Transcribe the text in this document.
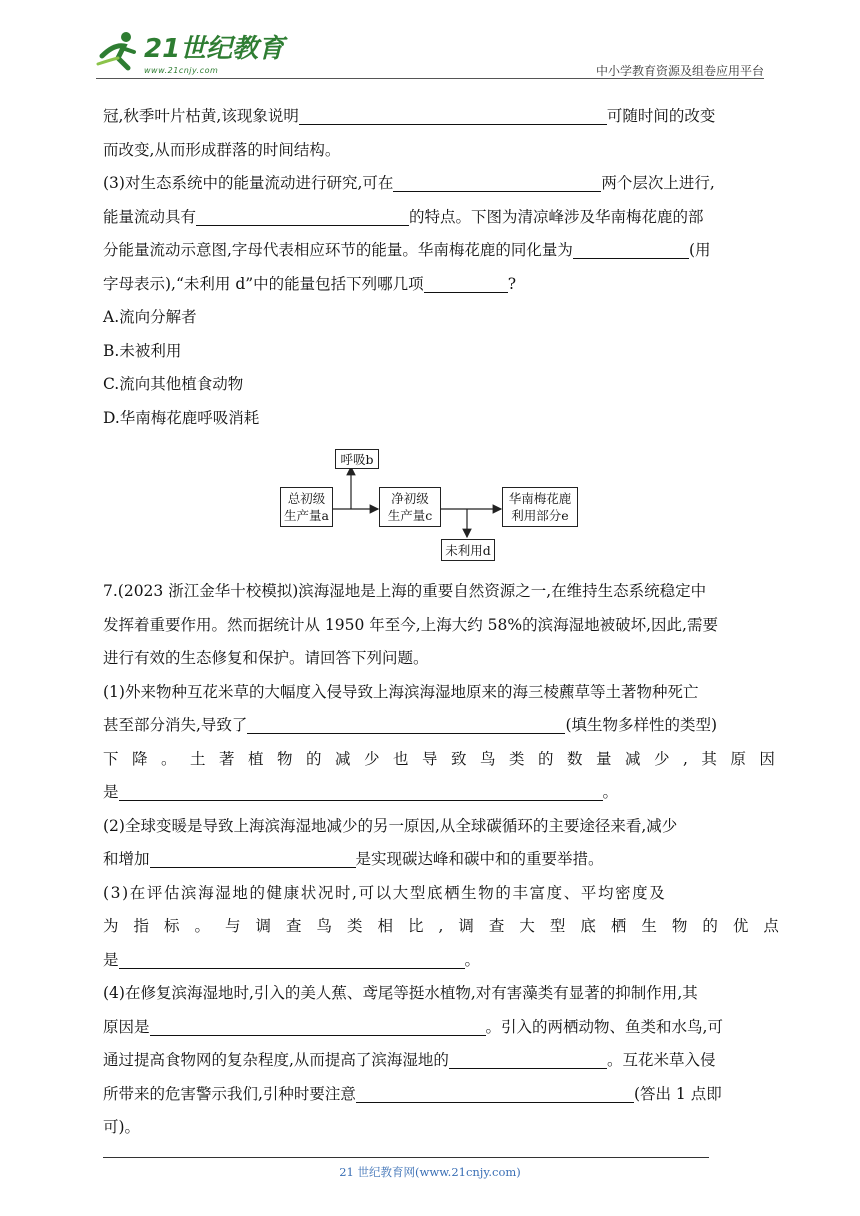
21世纪教育
www.21cnjy.com	中小学教育资源及组卷应用平台

冠,秋季叶片枯黄,该现象说明	可随时间的改变

而改变,从而形成群落的时间结构。

(3)对生态系统中的能量流动进行研究,可在	两个层次上进行,

能量流动具有	的特点。下图为清凉峰涉及华南梅花鹿的部

分能量流动示意图,字母代表相应环节的能量。华南梅花鹿的同化量为	(用

字母表示),“未利用 d”中的能量包括下列哪几项	?

A.流向分解者

B.未被利用

C.流向其他植食动物

D.华南梅花鹿呼吸消耗

呼吸b
总初级
生产量a
净初级
生产量c
华南梅花鹿
利用部分e
未利用d

7.(2023 浙江金华十校模拟)滨海湿地是上海的重要自然资源之一,在维持生态系统稳定中

发挥着重要作用。然而据统计从 1950 年至今,上海大约 58%的滨海湿地被破坏,因此,需要

进行有效的生态修复和保护。请回答下列问题。

(1)外来物种互花米草的大幅度入侵导致上海滨海湿地原来的海三棱藨草等土著物种死亡

甚至部分消失,导致了	(填生物多样性的类型)

下降。土著植物的减少也导致鸟类的数量减少,其原因

是	。

(2)全球变暖是导致上海滨海湿地减少的另一原因,从全球碳循环的主要途径来看,减少

和增加	是实现碳达峰和碳中和的重要举措。

(3)在评估滨海湿地的健康状况时,可以大型底栖生物的丰富度、平均密度及

为指标。与调查鸟类相比,调查大型底栖生物的优点

是	。

(4)在修复滨海湿地时,引入的美人蕉、鸢尾等挺水植物,对有害藻类有显著的抑制作用,其

原因是	。引入的两栖动物、鱼类和水鸟,可

通过提高食物网的复杂程度,从而提高了滨海湿地的	。互花米草入侵

所带来的危害警示我们,引种时要注意	(答出 1 点即

可)。

21 世纪教育网(www.21cnjy.com)
